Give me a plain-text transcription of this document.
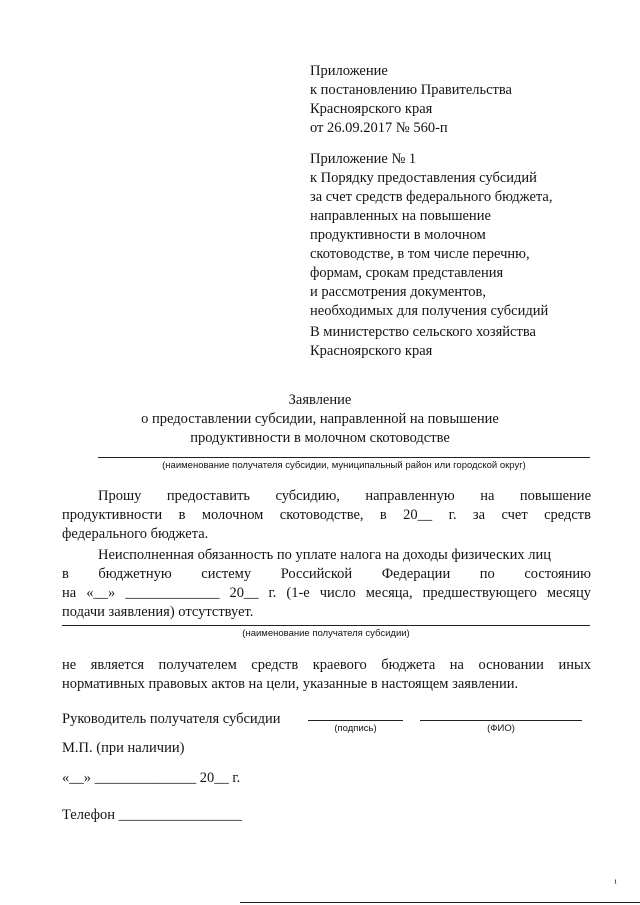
Приложение
к постановлению Правительства
Красноярского края
от 26.09.2017 № 560-п
Приложение № 1
к Порядку предоставления субсидий
за счет средств федерального бюджета,
направленных на повышение
продуктивности в молочном
скотоводстве, в том числе перечню,
формам, срокам представления
и рассмотрения документов,
необходимых для получения субсидий
В министерство сельского хозяйства
Красноярского края
Заявление
о предоставлении субсидии, направленной на повышение
продуктивности в молочном скотоводстве
(наименование получателя субсидии, муниципальный район или городской округ)
Прошу предоставить субсидию, направленную на повышение
продуктивности в молочном скотоводстве, в 20__ г. за счет средств
федерального бюджета.
Неисполненная обязанность по уплате налога на доходы физических лиц
в бюджетную систему Российской Федерации по состоянию
на «__» _____________ 20__ г. (1-е число месяца, предшествующего месяцу
подачи заявления) отсутствует.
(наименование получателя субсидии)
не является получателем средств краевого бюджета на основании иных
нормативных правовых актов на цели, указанные в настоящем заявлении.
Руководитель получателя субсидии
(подпись)	(ФИО)
М.П. (при наличии)
«__» ______________ 20__ г.
Телефон _________________
¹
